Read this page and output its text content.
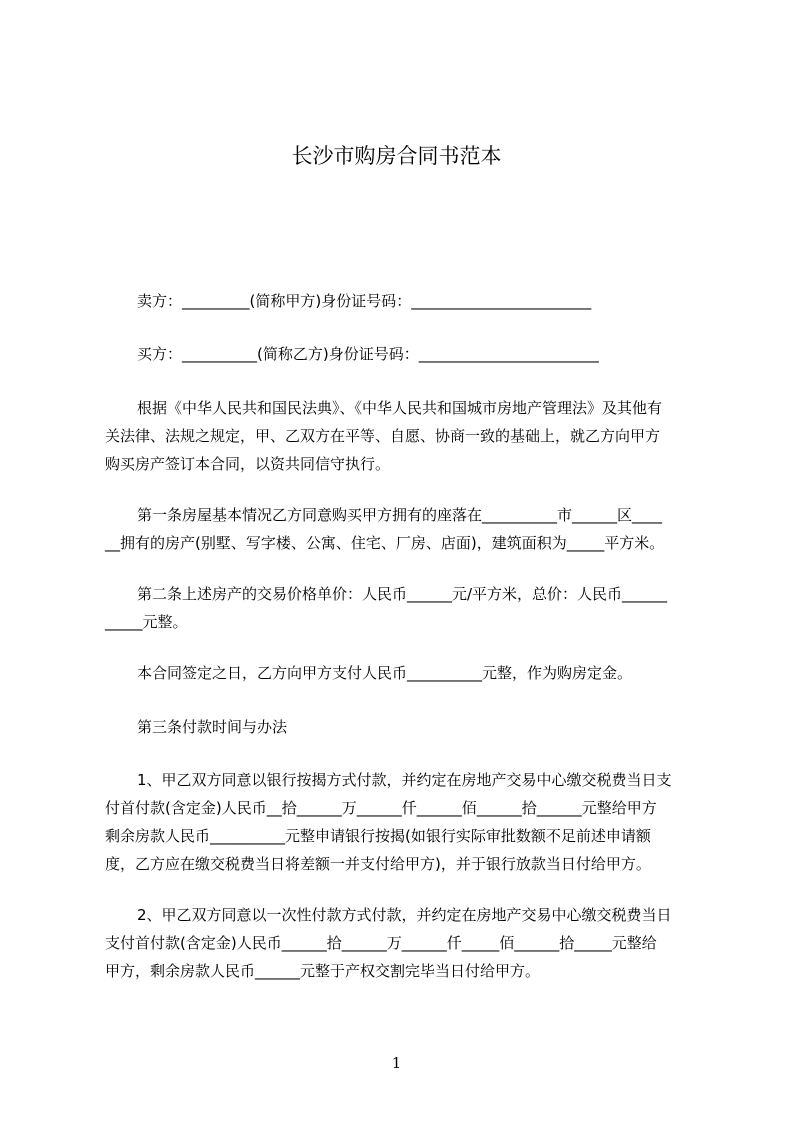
长沙市购房合同书范本
卖方：_________(简称甲方)身份证号码：________________________
买方：__________(简称乙方)身份证号码：________________________
根据《中华人民共和国民法典》、《中华人民共和国城市房地产管理法》及其他有
关法律、法规之规定，甲、乙双方在平等、自愿、协商一致的基础上，就乙方向甲方
购买房产签订本合同，以资共同信守执行。
第一条房屋基本情况乙方同意购买甲方拥有的座落在__________市______区____
__拥有的房产(别墅、写字楼、公寓、住宅、厂房、店面)，建筑面积为_____平方米。
第二条上述房产的交易价格单价：人民币______元/平方米，总价：人民币______
_____元整。
本合同签定之日，乙方向甲方支付人民币__________元整，作为购房定金。
第三条付款时间与办法
1、甲乙双方同意以银行按揭方式付款，并约定在房地产交易中心缴交税费当日支
付首付款(含定金)人民币__拾______万______仟______佰______拾______元整给甲方
剩余房款人民币__________元整申请银行按揭(如银行实际审批数额不足前述申请额
度，乙方应在缴交税费当日将差额一并支付给甲方)，并于银行放款当日付给甲方。
2、甲乙双方同意以一次性付款方式付款，并约定在房地产交易中心缴交税费当日
支付首付款(含定金)人民币______拾______万______仟_____佰______拾_____元整给
甲方，剩余房款人民币______元整于产权交割完毕当日付给甲方。
1
